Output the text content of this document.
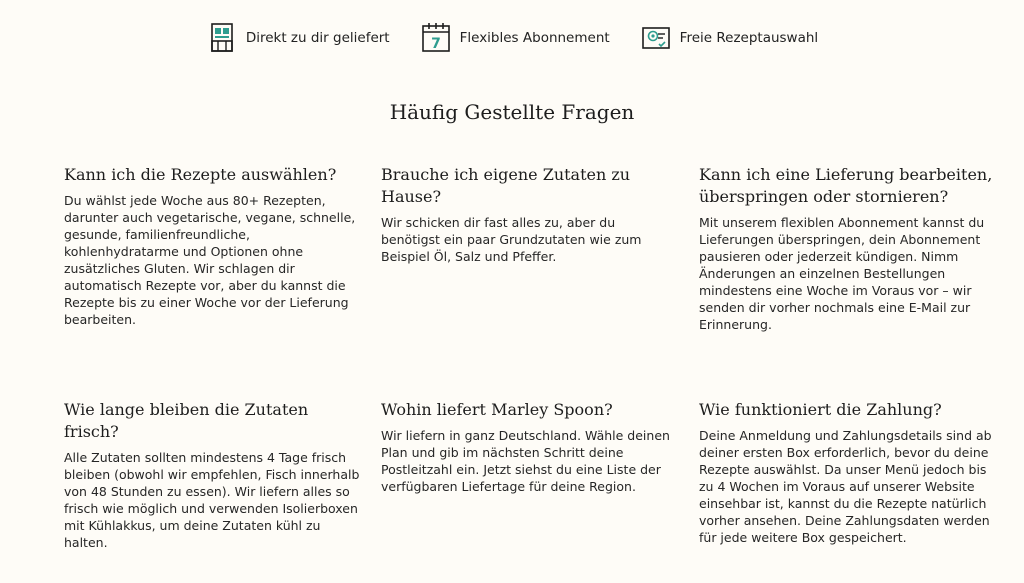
Direkt zu dir geliefert	7 Flexibles Abonnement	Freie Rezeptauswahl
Häufig Gestellte Fragen
Kann ich die Rezepte auswählen?

Du wählst jede Woche aus 80+ Rezepten, darunter auch vegetarische, vegane, schnelle, gesunde, familienfreundliche, kohlenhydratarme und Optionen ohne zusätzliches Gluten. Wir schlagen dir automatisch Rezepte vor, aber du kannst die Rezepte bis zu einer Woche vor der Lieferung bearbeiten.

Brauche ich eigene Zutaten zu Hause?

Wir schicken dir fast alles zu, aber du benötigst ein paar Grundzutaten wie zum Beispiel Öl, Salz und Pfeffer.

Kann ich eine Lieferung bearbeiten, überspringen oder stornieren?

Mit unserem flexiblen Abonnement kannst du Lieferungen überspringen, dein Abonnement pausieren oder jederzeit kündigen. Nimm Änderungen an einzelnen Bestellungen mindestens eine Woche im Voraus vor – wir senden dir vorher nochmals eine E-Mail zur Erinnerung.

Wie lange bleiben die Zutaten frisch?

Alle Zutaten sollten mindestens 4 Tage frisch bleiben (obwohl wir empfehlen, Fisch innerhalb von 48 Stunden zu essen). Wir liefern alles so frisch wie möglich und verwenden Isolierboxen mit Kühlakkus, um deine Zutaten kühl zu halten.

Wohin liefert Marley Spoon?

Wir liefern in ganz Deutschland. Wähle deinen Plan und gib im nächsten Schritt deine Postleitzahl ein. Jetzt siehst du eine Liste der verfügbaren Liefertage für deine Region.

Wie funktioniert die Zahlung?

Deine Anmeldung und Zahlungsdetails sind ab deiner ersten Box erforderlich, bevor du deine Rezepte auswählst. Da unser Menü jedoch bis zu 4 Wochen im Voraus auf unserer Website einsehbar ist, kannst du die Rezepte natürlich vorher ansehen. Deine Zahlungsdaten werden für jede weitere Box gespeichert.
